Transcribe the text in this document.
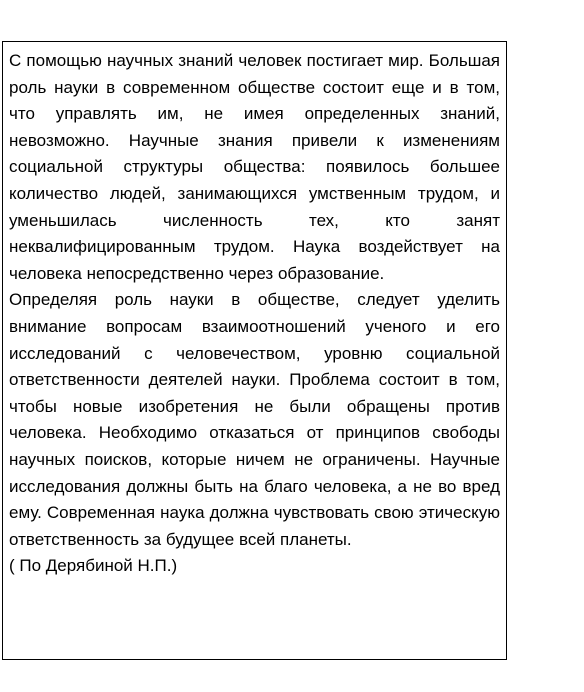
С помощью научных знаний человек постигает мир. Большая роль науки в современном обществе состоит еще и в том, что управлять им, не имея определенных знаний, невозможно. Научные знания привели к изменениям социальной структуры общества: появилось большее количество людей, занимающихся умственным трудом, и уменьшилась численность тех, кто занят неквалифицированным трудом. Наука воздействует на человека непосредственно через образование.

Определяя роль науки в обществе, следует уделить внимание вопросам взаимоотношений ученого и его исследований с человечеством, уровню социальной ответственности деятелей науки. Проблема состоит в том, чтобы новые изобретения не были обращены против человека. Необходимо отказаться от принципов свободы научных поисков, которые ничем не ограничены. Научные исследования должны быть на благо человека, а не во вред ему. Современная наука должна чувствовать свою этическую ответственность за будущее всей планеты.

( По Дерябиной Н.П.)
